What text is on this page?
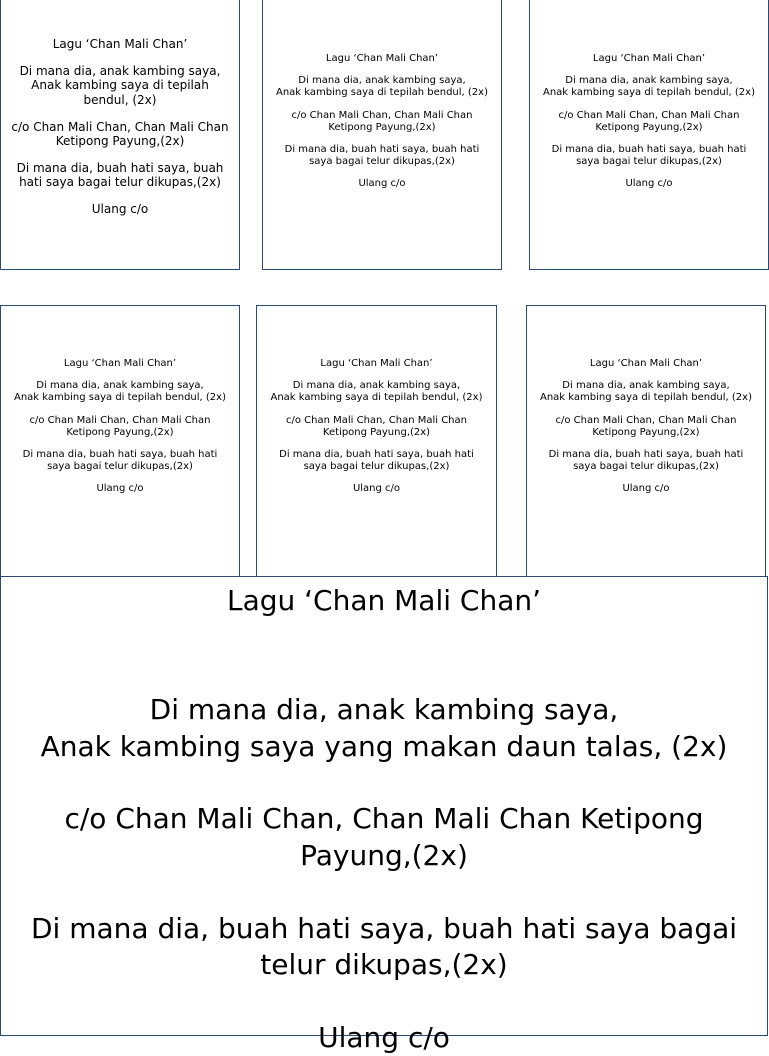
Lagu ‘Chan Mali Chan’

Di mana dia, anak kambing saya,

Anak kambing saya di tepilah bendul, (2x)

c/o Chan Mali Chan, Chan Mali Chan Ketipong Payung,(2x)

Di mana dia, buah hati saya, buah hati saya bagai telur dikupas,(2x)

Ulang c/o

Lagu ‘Chan Mali Chan’

Di mana dia, anak kambing saya,

Anak kambing saya di tepilah bendul, (2x)

c/o Chan Mali Chan, Chan Mali Chan Ketipong Payung,(2x)

Di mana dia, buah hati saya, buah hati saya bagai telur dikupas,(2x)

Ulang c/o

Lagu ‘Chan Mali Chan’

Di mana dia, anak kambing saya,

Anak kambing saya di tepilah bendul, (2x)

c/o Chan Mali Chan, Chan Mali Chan Ketipong Payung,(2x)

Di mana dia, buah hati saya, buah hati saya bagai telur dikupas,(2x)

Ulang c/o

Lagu ‘Chan Mali Chan’

Di mana dia, anak kambing saya,

Anak kambing saya di tepilah bendul, (2x)

c/o Chan Mali Chan, Chan Mali Chan Ketipong Payung,(2x)

Di mana dia, buah hati saya, buah hati saya bagai telur dikupas,(2x)

Ulang c/o

Lagu ‘Chan Mali Chan’

Di mana dia, anak kambing saya,

Anak kambing saya di tepilah bendul, (2x)

c/o Chan Mali Chan, Chan Mali Chan Ketipong Payung,(2x)

Di mana dia, buah hati saya, buah hati saya bagai telur dikupas,(2x)

Ulang c/o

Lagu ‘Chan Mali Chan’

Di mana dia, anak kambing saya,

Anak kambing saya di tepilah bendul, (2x)

c/o Chan Mali Chan, Chan Mali Chan Ketipong Payung,(2x)

Di mana dia, buah hati saya, buah hati saya bagai telur dikupas,(2x)

Ulang c/o

Lagu ‘Chan Mali Chan’

Di mana dia, anak kambing saya,

Anak kambing saya yang makan daun talas, (2x)

c/o Chan Mali Chan, Chan Mali Chan Ketipong Payung,(2x)

Di mana dia, buah hati saya, buah hati saya bagai telur dikupas,(2x)

Ulang c/o
